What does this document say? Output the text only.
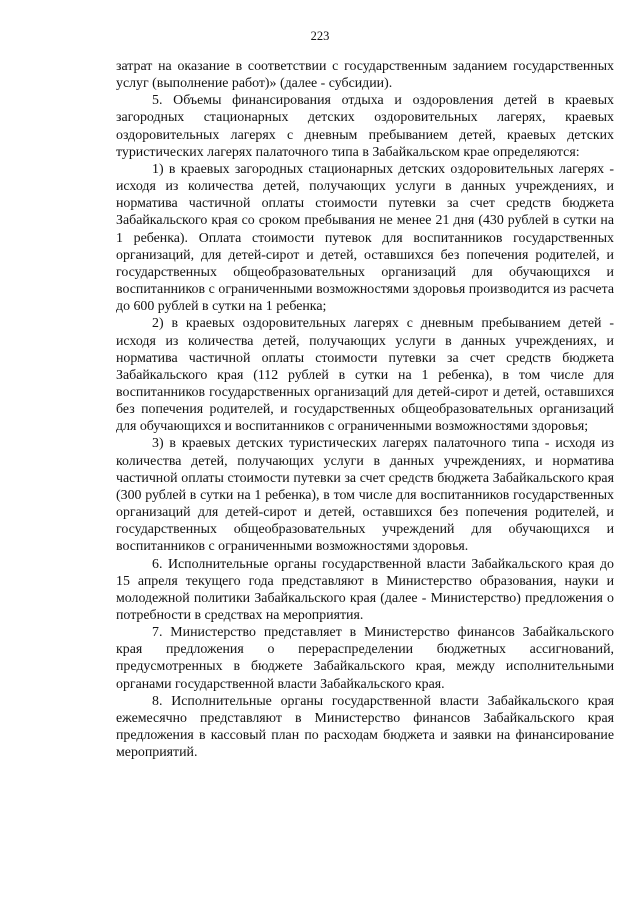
223

затрат на оказание в соответствии с государственным заданием государственных услуг (выполнение работ)» (далее - субсидии).

5. Объемы финансирования отдыха и оздоровления детей в краевых загородных стационарных детских оздоровительных лагерях, краевых оздоровительных лагерях с дневным пребыванием детей, краевых детских туристических лагерях палаточного типа в Забайкальском крае определяются:

1) в краевых загородных стационарных детских оздоровительных лагерях - исходя из количества детей, получающих услуги в данных учреждениях, и норматива частичной оплаты стоимости путевки за счет средств бюджета Забайкальского края со сроком пребывания не менее 21 дня (430 рублей в сутки на 1 ребенка). Оплата стоимости путевок для воспитанников государственных организаций, для детей-сирот и детей, оставшихся без попечения родителей, и государственных общеобразовательных организаций для обучающихся и воспитанников с ограниченными возможностями здоровья производится из расчета до 600 рублей в сутки на 1 ребенка;

2) в краевых оздоровительных лагерях с дневным пребыванием детей - исходя из количества детей, получающих услуги в данных учреждениях, и норматива частичной оплаты стоимости путевки за счет средств бюджета Забайкальского края (112 рублей в сутки на 1 ребенка), в том числе для воспитанников государственных организаций для детей-сирот и детей, оставшихся без попечения родителей, и государственных общеобразовательных организаций для обучающихся и воспитанников с ограниченными возможностями здоровья;

3) в краевых детских туристических лагерях палаточного типа - исходя из количества детей, получающих услуги в данных учреждениях, и норматива частичной оплаты стоимости путевки за счет средств бюджета Забайкальского края (300 рублей в сутки на 1 ребенка), в том числе для воспитанников государственных организаций для детей-сирот и детей, оставшихся без попечения родителей, и государственных общеобразовательных учреждений для обучающихся и воспитанников с ограниченными возможностями здоровья.

6. Исполнительные органы государственной власти Забайкальского края до 15 апреля текущего года представляют в Министерство образования, науки и молодежной политики Забайкальского края (далее - Министерство) предложения о потребности в средствах на мероприятия.

7. Министерство представляет в Министерство финансов Забайкальского края предложения о перераспределении бюджетных ассигнований, предусмотренных в бюджете Забайкальского края, между исполнительными органами государственной власти Забайкальского края.

8. Исполнительные органы государственной власти Забайкальского края ежемесячно представляют в Министерство финансов Забайкальского края предложения в кассовый план по расходам бюджета и заявки на финансирование мероприятий.
